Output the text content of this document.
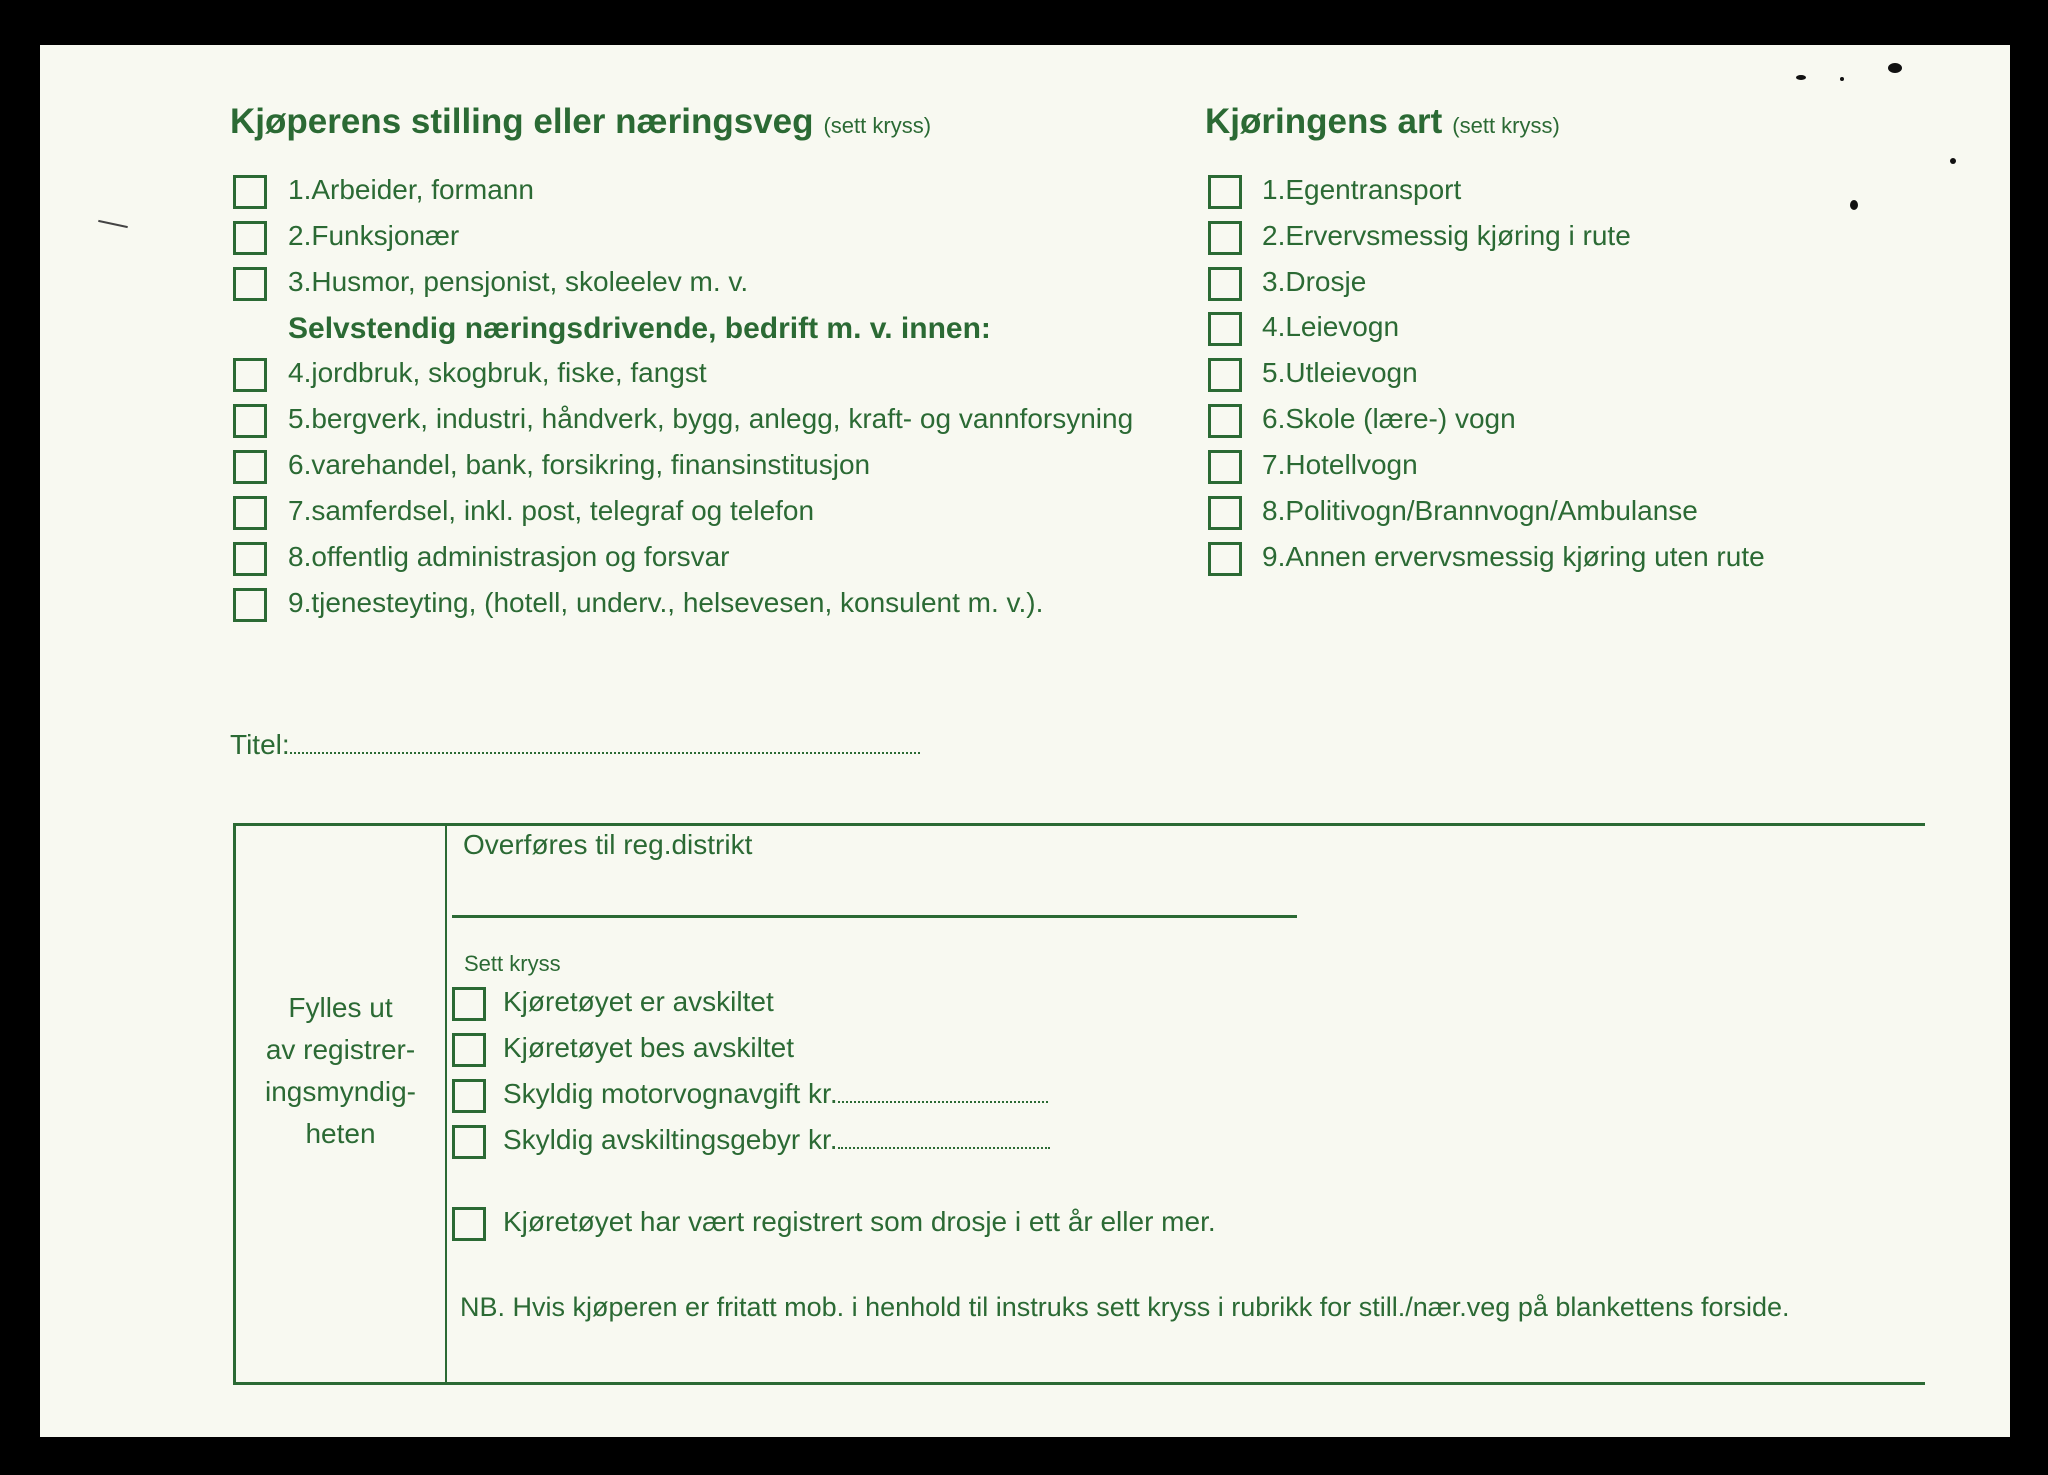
Kjøperens stilling eller næringsveg (sett kryss)	Kjøringens art (sett kryss)
1.Arbeider, formann
2.Funksjonær
3.Husmor, pensjonist, skoleelev m. v.
Selvstendig næringsdrivende, bedrift m. v. innen:
4.jordbruk, skogbruk, fiske, fangst
5.bergverk, industri, håndverk, bygg, anlegg, kraft- og vannforsyning
6.varehandel, bank, forsikring, finansinstitusjon
7.samferdsel, inkl. post, telegraf og telefon
8.offentlig administrasjon og forsvar
9.tjenesteyting, (hotell, underv., helsevesen, konsulent m. v.).
1.Egentransport
2.Ervervsmessig kjøring i rute
3.Drosje
4.Leievogn
5.Utleievogn
6.Skole (lære-) vogn
7.Hotellvogn
8.Politivogn/Brannvogn/Ambulanse
9.Annen ervervsmessig kjøring uten rute
Titel:
Fylles ut
av registrer-
ingsmyndig-
heten
Overføres til reg.distrikt
Sett kryss
Kjøretøyet er avskiltet
Kjøretøyet bes avskiltet
Skyldig motorvognavgift kr.
Skyldig avskiltingsgebyr kr.
Kjøretøyet har vært registrert som drosje i ett år eller mer.
NB. Hvis kjøperen er fritatt mob. i henhold til instruks sett kryss i rubrikk for still./nær.veg på blankettens forside.
